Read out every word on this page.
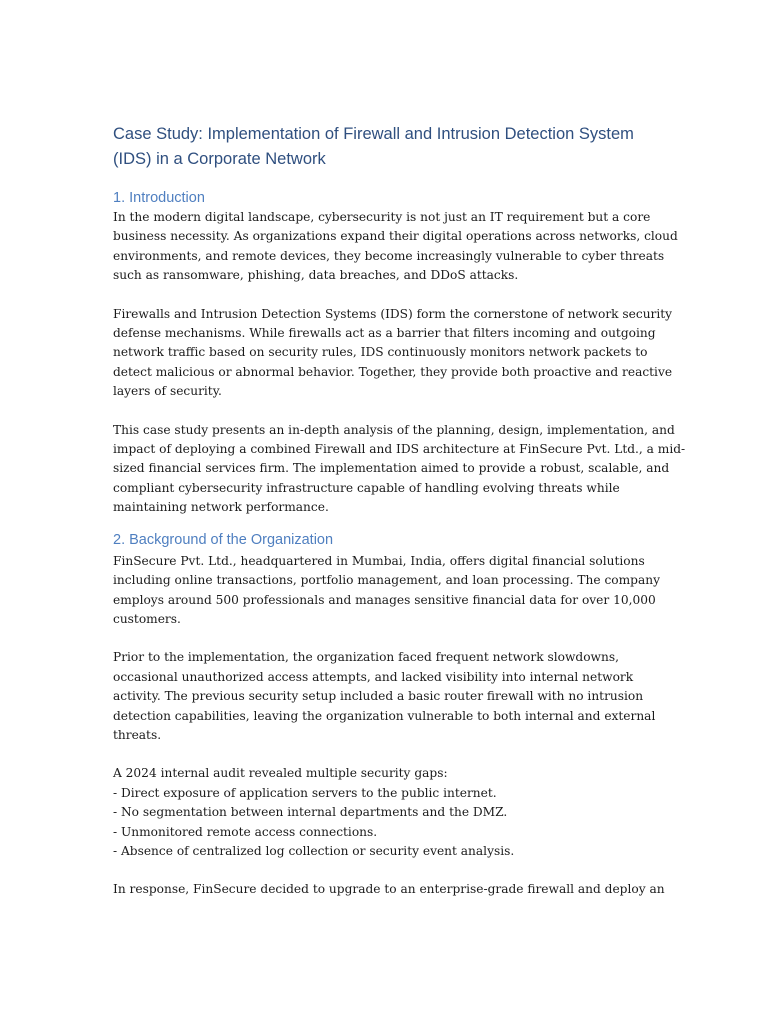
Case Study: Implementation of Firewall and Intrusion Detection System
(IDS) in a Corporate Network
1. Introduction

In the modern digital landscape, cybersecurity is not just an IT requirement but a core
business necessity. As organizations expand their digital operations across networks, cloud
environments, and remote devices, they become increasingly vulnerable to cyber threats
such as ransomware, phishing, data breaches, and DDoS attacks.

Firewalls and Intrusion Detection Systems (IDS) form the cornerstone of network security
defense mechanisms. While firewalls act as a barrier that filters incoming and outgoing
network traffic based on security rules, IDS continuously monitors network packets to
detect malicious or abnormal behavior. Together, they provide both proactive and reactive
layers of security.

This case study presents an in-depth analysis of the planning, design, implementation, and
impact of deploying a combined Firewall and IDS architecture at FinSecure Pvt. Ltd., a mid-
sized financial services firm. The implementation aimed to provide a robust, scalable, and
compliant cybersecurity infrastructure capable of handling evolving threats while
maintaining network performance.

2. Background of the Organization

FinSecure Pvt. Ltd., headquartered in Mumbai, India, offers digital financial solutions
including online transactions, portfolio management, and loan processing. The company
employs around 500 professionals and manages sensitive financial data for over 10,000
customers.

Prior to the implementation, the organization faced frequent network slowdowns,
occasional unauthorized access attempts, and lacked visibility into internal network
activity. The previous security setup included a basic router firewall with no intrusion
detection capabilities, leaving the organization vulnerable to both internal and external
threats.

A 2024 internal audit revealed multiple security gaps:
- Direct exposure of application servers to the public internet.
- No segmentation between internal departments and the DMZ.
- Unmonitored remote access connections.
- Absence of centralized log collection or security event analysis.

In response, FinSecure decided to upgrade to an enterprise-grade firewall and deploy an
